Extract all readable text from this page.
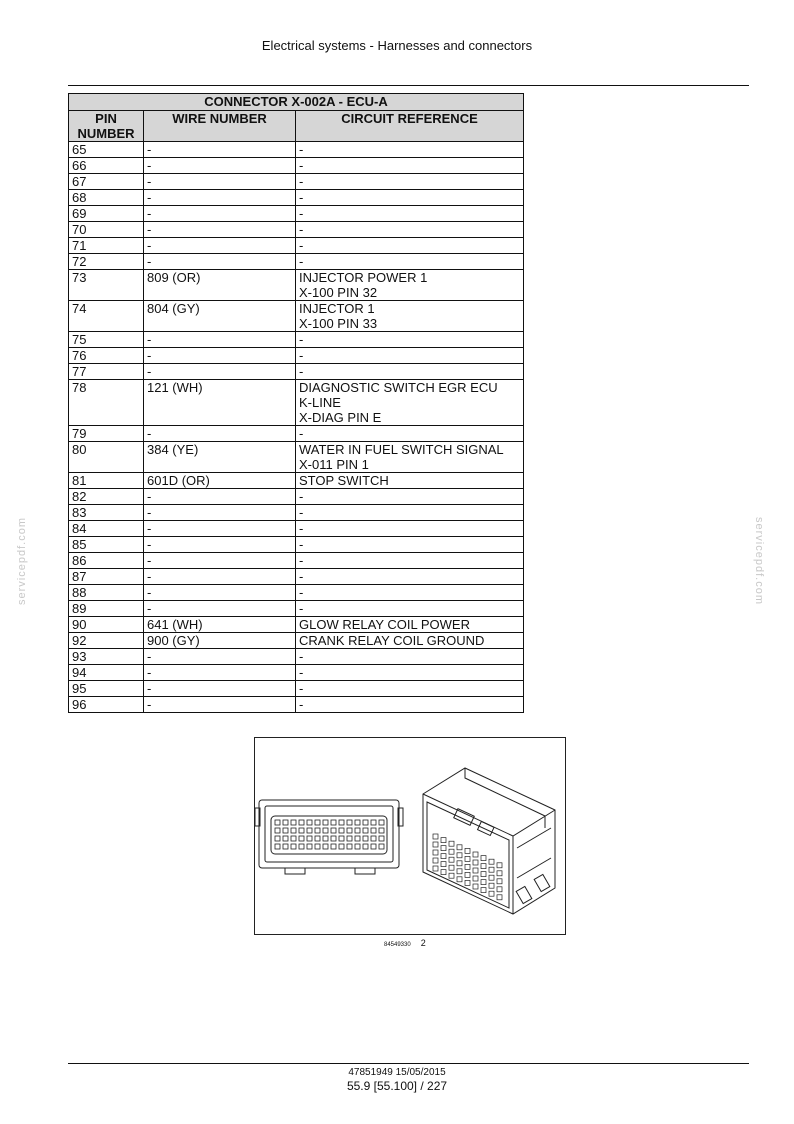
Electrical systems - Harnesses and connectors
CONNECTOR X-002A - ECU-A		
PIN NUMBER	WIRE NUMBER	CIRCUIT REFERENCE
65	-	-
66	-	-
67	-	-
68	-	-
69	-	-
70	-	-
71	-	-
72	-	-
73	809 (OR)	INJECTOR POWER 1
X-100 PIN 32
74	804 (GY)	INJECTOR 1
X-100 PIN 33
75	-	-
76	-	-
77	-	-
78	121 (WH)	DIAGNOSTIC SWITCH EGR ECU
K-LINE
X-DIAG PIN E
79	-	-
80	384 (YE)	WATER IN FUEL SWITCH SIGNAL
X-011 PIN 1
81	601D (OR)	STOP SWITCH
82	-	-
83	-	-
84	-	-
85	-	-
86	-	-
87	-	-
88	-	-
89	-	-
90	641 (WH)	GLOW RELAY COIL POWER
92	900 (GY)	CRANK RELAY COIL GROUND
93	-	-
94	-	-
95	-	-
96	-	-
84549330 2
servicepdf.com	servicepdf.com
47851949 15/05/2015
55.9 [55.100] / 227
